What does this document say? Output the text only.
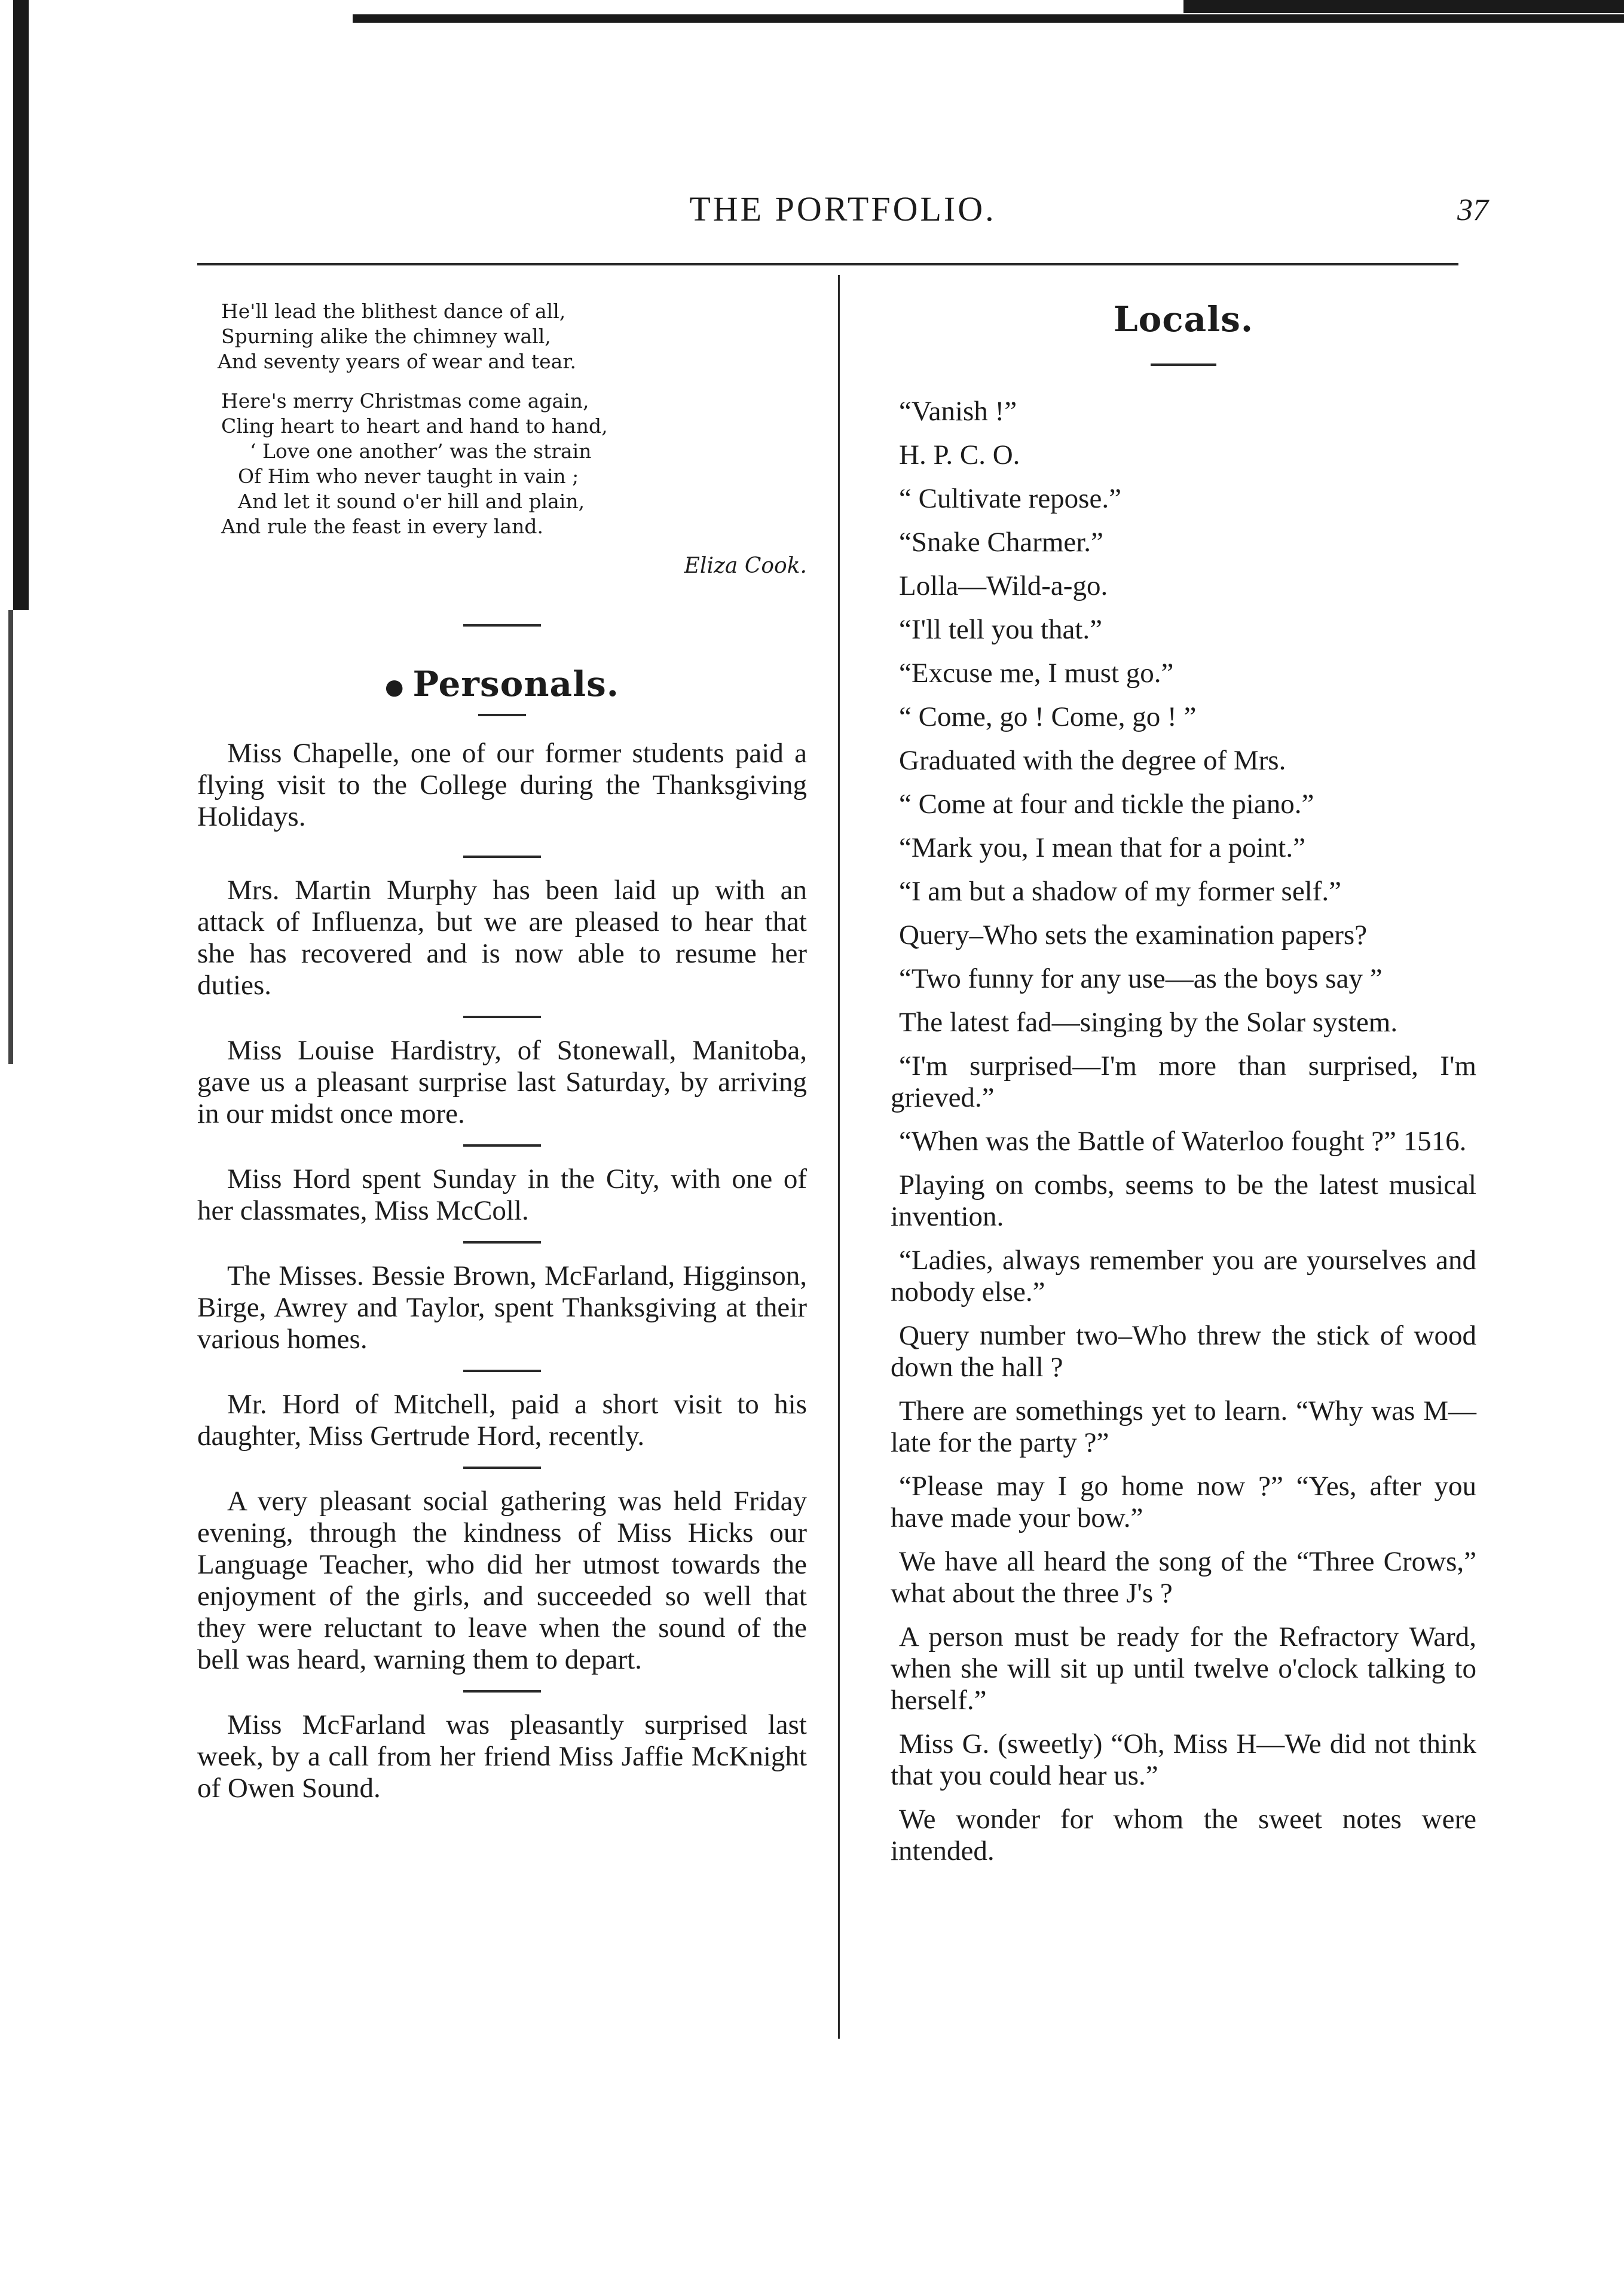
THE PORTFOLIO.	37
He'll lead the blithest dance of all,
Spurning alike the chimney wall,
And seventy years of wear and tear.
Here's merry Christmas come again,
Cling heart to heart and hand to hand,
‘ Love one another’ was the strain
Of Him who never taught in vain ;
And let it sound o'er hill and plain,
And rule the feast in every land.
Eliza Cook.
● Personals.

Miss Chapelle, one of our former students paid a flying visit to the College during the Thanksgiving Holidays.

Mrs. Martin Murphy has been laid up with an attack of Influenza, but we are pleased to hear that she has recovered and is now able to resume her duties.

Miss Louise Hardistry, of Stonewall, Manitoba, gave us a pleasant surprise last Saturday, by arriving in our midst once more.

Miss Hord spent Sunday in the City, with one of her classmates, Miss McColl.

The Misses. Bessie Brown, McFarland, Higginson, Birge, Awrey and Taylor, spent Thanksgiving at their various homes.

Mr. Hord of Mitchell, paid a short visit to his daughter, Miss Gertrude Hord, recently.

A very pleasant social gathering was held Friday evening, through the kindness of Miss Hicks our Language Teacher, who did her utmost towards the enjoyment of the girls, and succeeded so well that they were reluctant to leave when the sound of the bell was heard, warning them to depart.

Miss McFarland was pleasantly surprised last week, by a call from her friend Miss Jaffie McKnight of Owen Sound.

Locals.

“Vanish !”

H. P. C. O.

“ Cultivate repose.”

“Snake Charmer.”

Lolla—Wild-a-go.

“I'll tell you that.”

“Excuse me, I must go.”

“ Come, go ! Come, go ! ”

Graduated with the degree of Mrs.

“ Come at four and tickle the piano.”

“Mark you, I mean that for a point.”

“I am but a shadow of my former self.”

Query–Who sets the examination papers?

“Two funny for any use—as the boys say ”

The latest fad—singing by the Solar system.

“I'm surprised—I'm more than surprised, I'm grieved.”

“When was the Battle of Waterloo fought ?” 1516.

Playing on combs, seems to be the latest musical invention.

“Ladies, always remember you are yourselves and nobody else.”

Query number two–Who threw the stick of wood down the hall ?

There are somethings yet to learn. “Why was M— late for the party ?”

“Please may I go home now ?” “Yes, after you have made your bow.”

We have all heard the song of the “Three Crows,” what about the three J's ?

A person must be ready for the Refractory Ward, when she will sit up until twelve o'clock talking to herself.”

Miss G. (sweetly) “Oh, Miss H—We did not think that you could hear us.”

We wonder for whom the sweet notes were intended.
